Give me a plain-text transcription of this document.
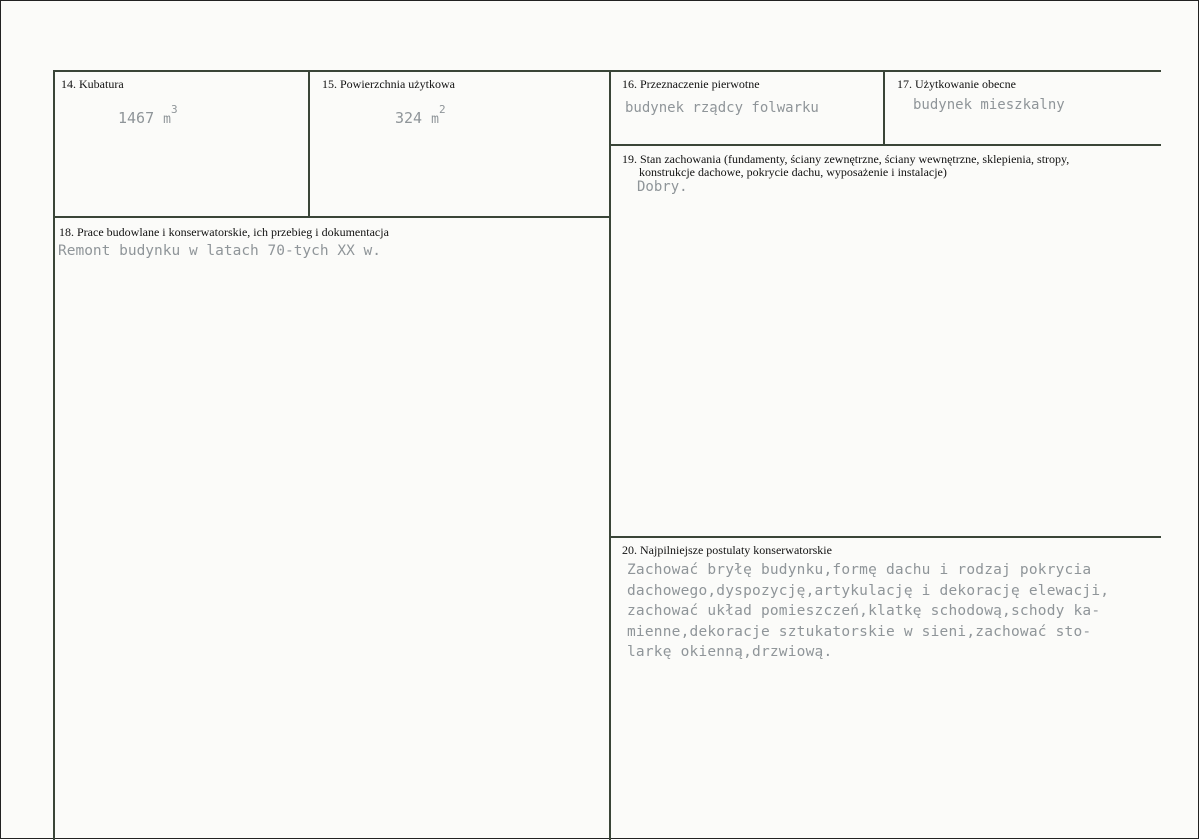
14. Kubatura
1467 $m^3$
15. Powierzchnia użytkowa
324 $m^2$
16. Przeznaczenie pierwotne
budynek rządcy folwarku
17. Użytkowanie obecne
budynek mieszkalny
19. Stan zachowania (fundamenty, ściany zewnętrzne, ściany wewnętrzne, sklepienia, stropy,
konstrukcje dachowe, pokrycie dachu, wyposażenie i instalacje)
Dobry.
18. Prace budowlane i konserwatorskie, ich przebieg i dokumentacja
Remont budynku w latach 70-tych XX w.
20. Najpilniejsze postulaty konserwatorskie
Zachować bryłę budynku,formę dachu i rodzaj pokrycia
dachowego,dyspozycję,artykulację i dekorację elewacji,
zachować układ pomieszczeń,klatkę schodową,schody ka-
mienne,dekoracje sztukatorskie w sieni,zachować sto-
larkę okienną,drzwiową.
